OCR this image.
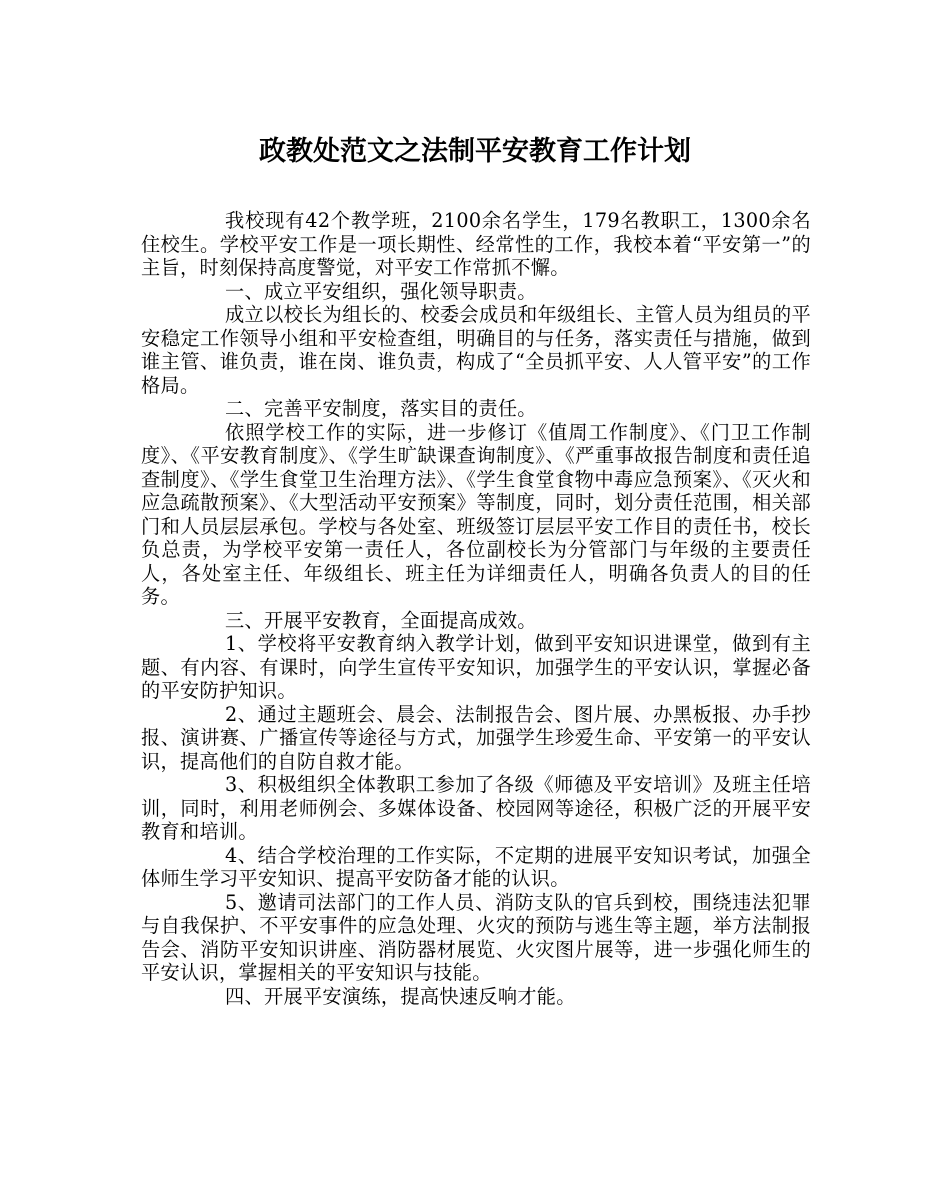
政教处范文之法制平安教育工作计划

我校现有42个教学班，2100余名学生，179名教职工，1300余名住校生。学校平安工作是一项长期性、经常性的工作，我校本着“平安第一”的主旨，时刻保持高度警觉，对平安工作常抓不懈。

一、成立平安组织，强化领导职责。

成立以校长为组长的、校委会成员和年级组长、主管人员为组员的平安稳定工作领导小组和平安检查组，明确目的与任务，落实责任与措施，做到谁主管、谁负责，谁在岗、谁负责，构成了“全员抓平安、人人管平安”的工作格局。

二、完善平安制度，落实目的责任。

依照学校工作的实际，进一步修订《值周工作制度》、《门卫工作制度》、《平安教育制度》、《学生旷缺课查询制度》、《严重事故报告制度和责任追查制度》、《学生食堂卫生治理方法》、《学生食堂食物中毒应急预案》、《灭火和应急疏散预案》、《大型活动平安预案》等制度，同时，划分责任范围，相关部门和人员层层承包。学校与各处室、班级签订层层平安工作目的责任书，校长负总责，为学校平安第一责任人，各位副校长为分管部门与年级的主要责任人，各处室主任、年级组长、班主任为详细责任人，明确各负责人的目的任务。

三、开展平安教育，全面提高成效。

1、学校将平安教育纳入教学计划，做到平安知识进课堂，做到有主题、有内容、有课时，向学生宣传平安知识，加强学生的平安认识，掌握必备的平安防护知识。

2、通过主题班会、晨会、法制报告会、图片展、办黑板报、办手抄报、演讲赛、广播宣传等途径与方式，加强学生珍爱生命、平安第一的平安认识，提高他们的自防自救才能。

3、积极组织全体教职工参加了各级《师德及平安培训》及班主任培训，同时，利用老师例会、多媒体设备、校园网等途径，积极广泛的开展平安教育和培训。

4、结合学校治理的工作实际，不定期的进展平安知识考试，加强全体师生学习平安知识、提高平安防备才能的认识。

5、邀请司法部门的工作人员、消防支队的官兵到校，围绕违法犯罪与自我保护、不平安事件的应急处理、火灾的预防与逃生等主题，举方法制报告会、消防平安知识讲座、消防器材展览、火灾图片展等，进一步强化师生的平安认识，掌握相关的平安知识与技能。

四、开展平安演练，提高快速反响才能。
